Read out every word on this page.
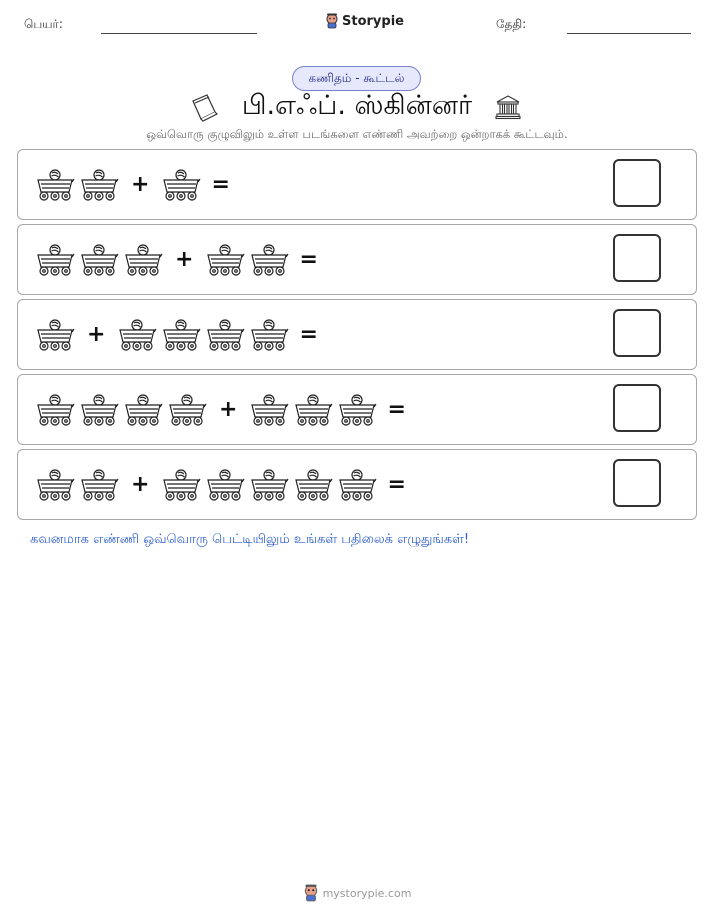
பெயர்:	Storypie	தேதி:
கணிதம் - கூட்டல்
பி.எஃப். ஸ்கின்னர்
ஒவ்வொரு குழுவிலும் உள்ள படங்களை எண்ணி அவற்றை ஒன்றாகக் கூட்டவும்.
+	=
+	=
+	=
+	=
+	=
கவனமாக எண்ணி ஒவ்வொரு பெட்டியிலும் உங்கள் பதிலைக் எழுதுங்கள்!
mystorypie.com
